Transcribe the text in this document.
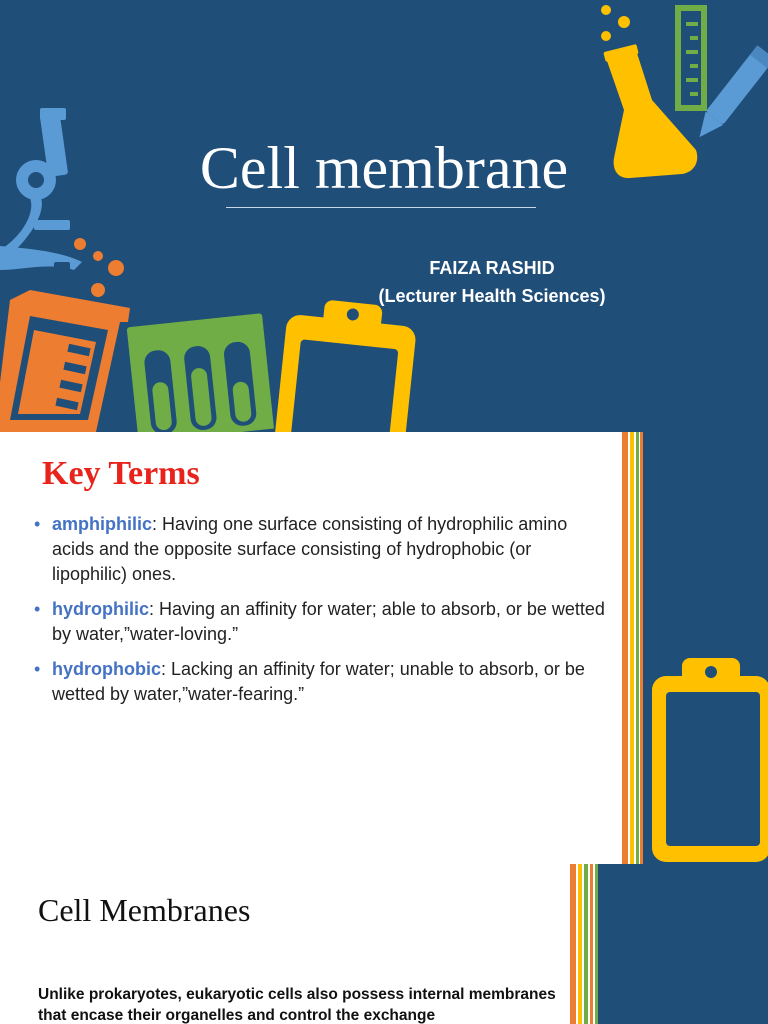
Cell membrane
FAIZA RASHID
(Lecturer Health Sciences)
Key Terms
• amphiphilic: Having one surface consisting of hydrophilic amino acids and the opposite surface consisting of hydrophobic (or lipophilic) ones.
• hydrophilic: Having an affinity for water; able to absorb, or be wetted by water,”water-loving.”
• hydrophobic: Lacking an affinity for water; unable to absorb, or be wetted by water,”water-fearing.”
Cell Membranes

Unlike prokaryotes, eukaryotic cells also possess internal membranes that encase their organelles and control the exchange
